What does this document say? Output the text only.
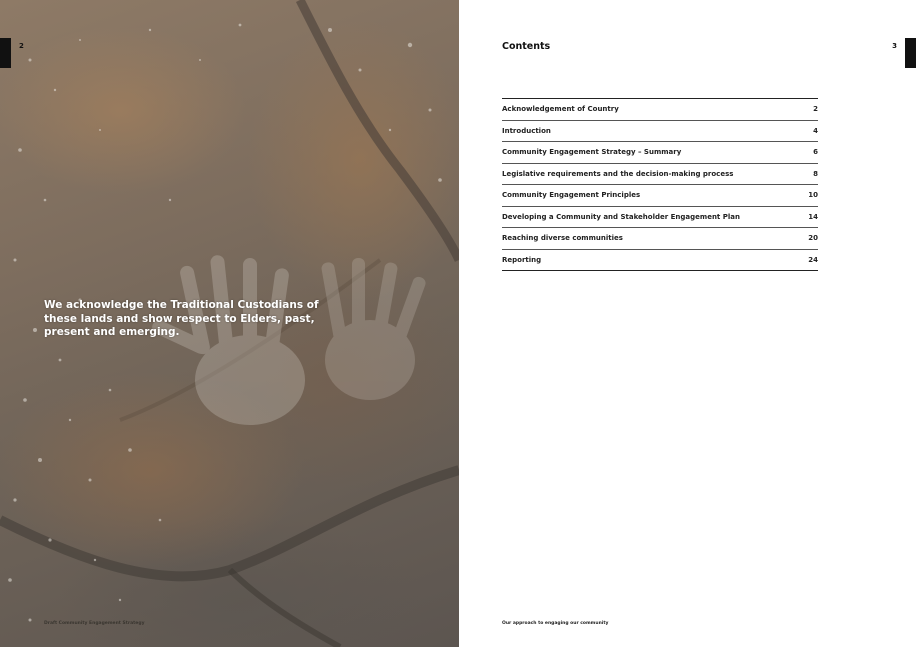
2
We acknowledge the Traditional Custodians of these lands and show respect to Elders, past, present and emerging.
Draft Community Engagement Strategy
3
Contents
Acknowledgement of Country	2
Introduction	4
Community Engagement Strategy – Summary	6
Legislative requirements and the decision-making process	8
Community Engagement Principles	10
Developing a Community and Stakeholder Engagement Plan	14
Reaching diverse communities	20
Reporting	24
Our approach to engaging our community
